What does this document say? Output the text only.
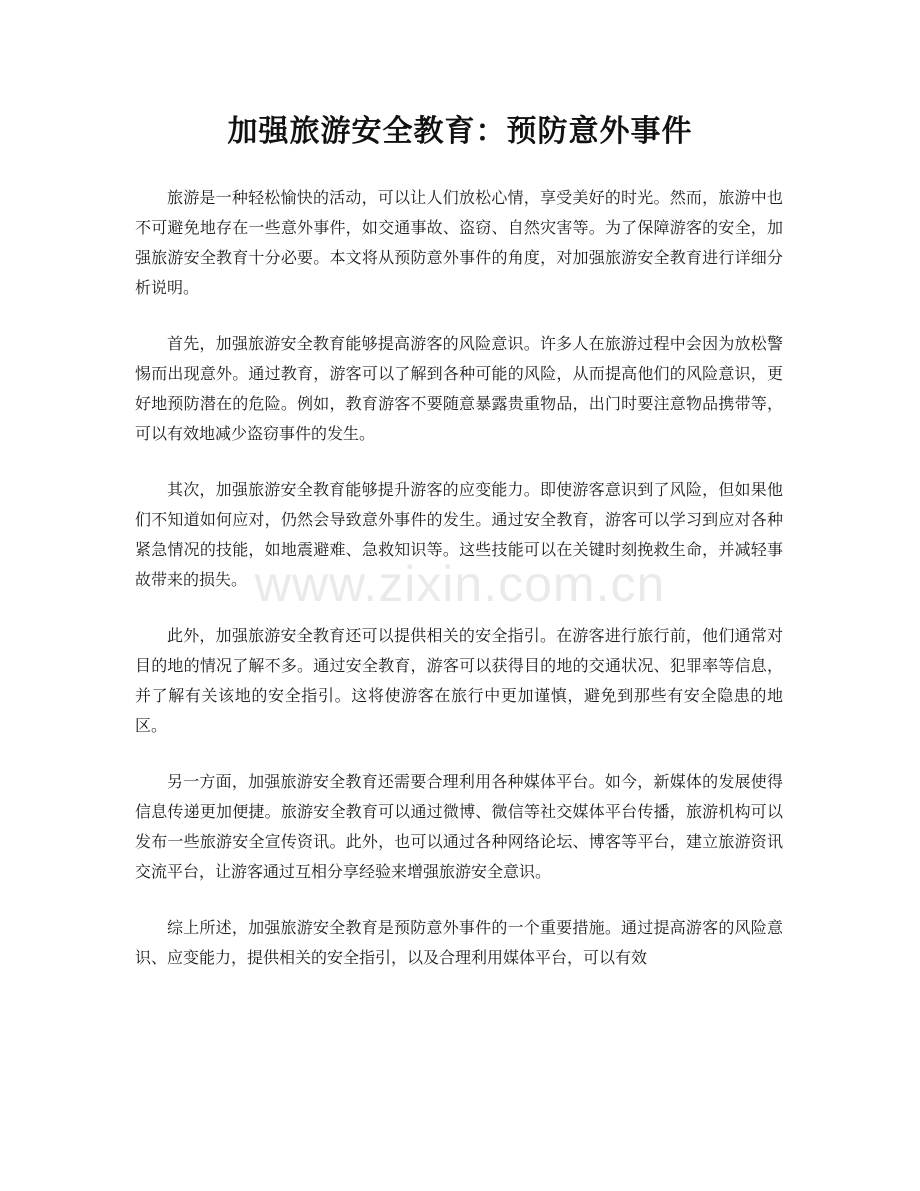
加强旅游安全教育：预防意外事件

旅游是一种轻松愉快的活动，可以让人们放松心情，享受美好的时光。然而，旅游中也不可避免地存在一些意外事件，如交通事故、盗窃、自然灾害等。为了保障游客的安全，加强旅游安全教育十分必要。本文将从预防意外事件的角度，对加强旅游安全教育进行详细分析说明。

首先，加强旅游安全教育能够提高游客的风险意识。许多人在旅游过程中会因为放松警惕而出现意外。通过教育，游客可以了解到各种可能的风险，从而提高他们的风险意识，更好地预防潜在的危险。例如，教育游客不要随意暴露贵重物品，出门时要注意物品携带等，可以有效地减少盗窃事件的发生。

其次，加强旅游安全教育能够提升游客的应变能力。即使游客意识到了风险，但如果他们不知道如何应对，仍然会导致意外事件的发生。通过安全教育，游客可以学习到应对各种紧急情况的技能，如地震避难、急救知识等。这些技能可以在关键时刻挽救生命，并减轻事故带来的损失。

此外，加强旅游安全教育还可以提供相关的安全指引。在游客进行旅行前，他们通常对目的地的情况了解不多。通过安全教育，游客可以获得目的地的交通状况、犯罪率等信息，并了解有关该地的安全指引。这将使游客在旅行中更加谨慎，避免到那些有安全隐患的地区。

另一方面，加强旅游安全教育还需要合理利用各种媒体平台。如今，新媒体的发展使得信息传递更加便捷。旅游安全教育可以通过微博、微信等社交媒体平台传播，旅游机构可以发布一些旅游安全宣传资讯。此外，也可以通过各种网络论坛、博客等平台，建立旅游资讯交流平台，让游客通过互相分享经验来增强旅游安全意识。

综上所述，加强旅游安全教育是预防意外事件的一个重要措施。通过提高游客的风险意识、应变能力，提供相关的安全指引，以及合理利用媒体平台，可以有效

www.zixin.com.cn
